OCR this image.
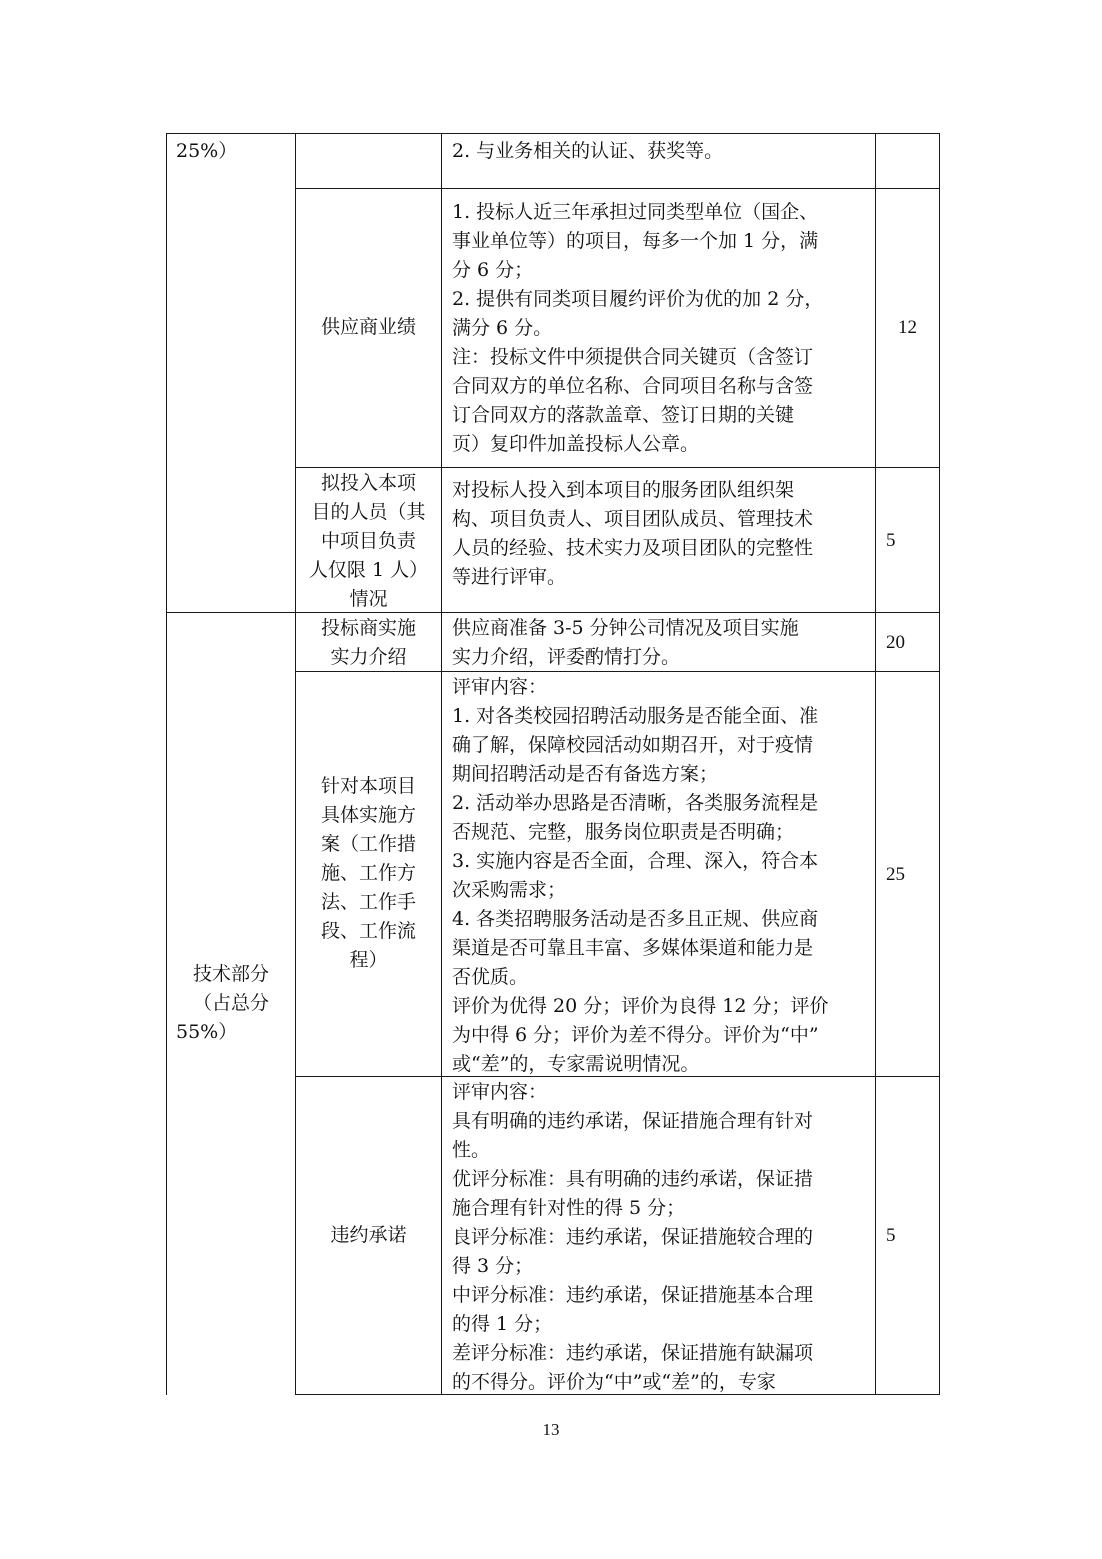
25%）	2. 与业务相关的认证、获奖等。
供应商业绩
1. 投标人近三年承担过同类型单位（国企、
事业单位等）的项目，每多一个加 1 分，满
分 6 分；
2. 提供有同类项目履约评价为优的加 2 分，
满分 6 分。
注：投标文件中须提供合同关键页（含签订
合同双方的单位名称、合同项目名称与含签
订合同双方的落款盖章、签订日期的关键
页）复印件加盖投标人公章。
12
拟投入本项
目的人员（其
中项目负责
人仅限 1 人）
情况
对投标人投入到本项目的服务团队组织架
构、项目负责人、项目团队成员、管理技术
人员的经验、技术实力及项目团队的完整性
等进行评审。
5
技术部分
（占总分
55%）
投标商实施
实力介绍
供应商准备 3-5 分钟公司情况及项目实施
实力介绍，评委酌情打分。
20
针对本项目
具体实施方
案（工作措
施、工作方
法、工作手
段、工作流
程）
评审内容：
1. 对各类校园招聘活动服务是否能全面、准
确了解，保障校园活动如期召开，对于疫情
期间招聘活动是否有备选方案；
2. 活动举办思路是否清晰，各类服务流程是
否规范、完整，服务岗位职责是否明确；
3. 实施内容是否全面，合理、深入，符合本
次采购需求；
4. 各类招聘服务活动是否多且正规、供应商
渠道是否可靠且丰富、多媒体渠道和能力是
否优质。
评价为优得 20 分；评价为良得 12 分；评价
为中得 6 分；评价为差不得分。评价为“中”
或“差”的，专家需说明情况。
25
违约承诺
评审内容：
具有明确的违约承诺，保证措施合理有针对
性。
优评分标准：具有明确的违约承诺，保证措
施合理有针对性的得 5 分；
良评分标准：违约承诺，保证措施较合理的
得 3 分；
中评分标准：违约承诺，保证措施基本合理
的得 1 分；
差评分标准：违约承诺，保证措施有缺漏项
的不得分。评价为“中”或“差”的，专家
5
13
